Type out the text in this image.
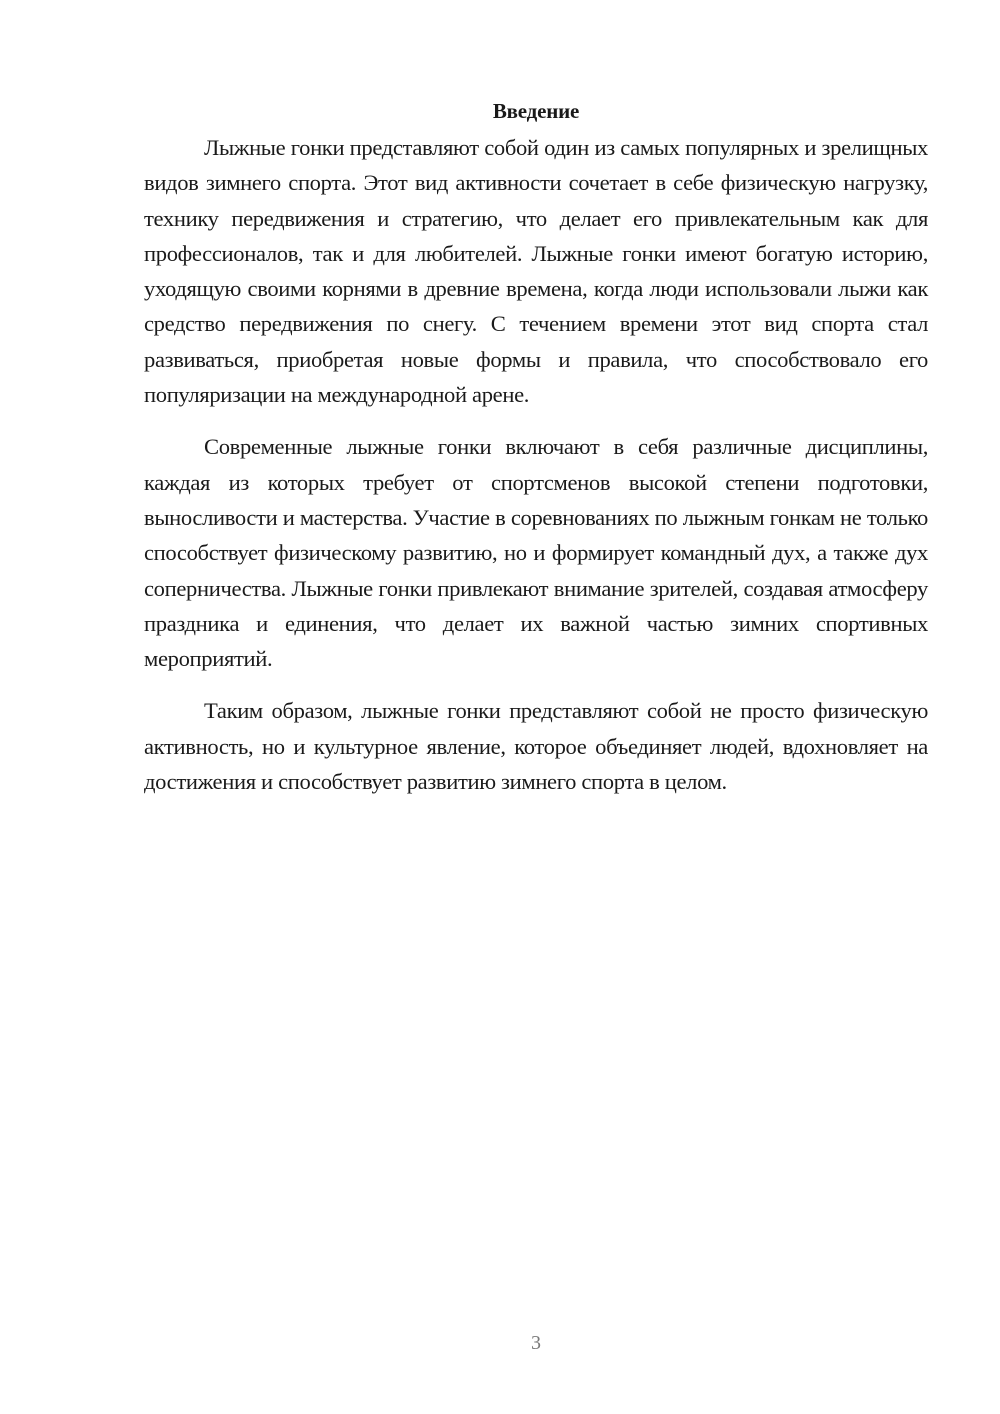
Введение

Лыжные гонки представляют собой один из самых популярных и зрелищных видов зимнего спорта. Этот вид активности сочетает в себе физическую нагрузку, технику передвижения и стратегию, что делает его привлекательным как для профессионалов, так и для любителей. Лыжные гонки имеют богатую историю, уходящую своими корнями в древние времена, когда люди использовали лыжи как средство передвижения по снегу. С течением времени этот вид спорта стал развиваться, приобретая новые формы и правила, что способствовало его популяризации на международной арене.

Современные лыжные гонки включают в себя различные дисциплины, каждая из которых требует от спортсменов высокой степени подготовки, выносливости и мастерства. Участие в соревнованиях по лыжным гонкам не только способствует физическому развитию, но и формирует командный дух, а также дух соперничества. Лыжные гонки привлекают внимание зрителей, создавая атмосферу праздника и единения, что делает их важной частью зимних спортивных мероприятий.

Таким образом, лыжные гонки представляют собой не просто физическую активность, но и культурное явление, которое объединяет людей, вдохновляет на достижения и способствует развитию зимнего спорта в целом.

3
